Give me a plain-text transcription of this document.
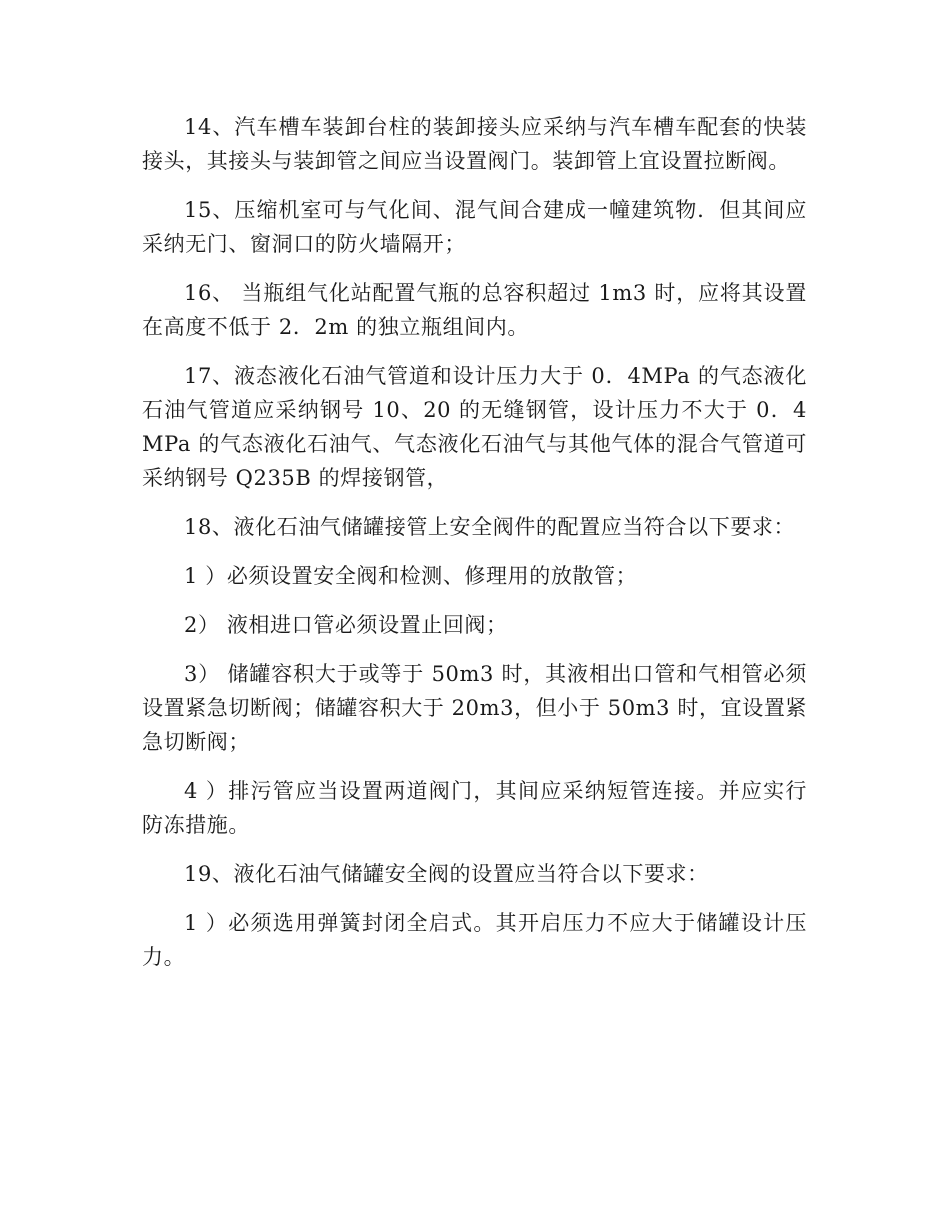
14、汽车槽车装卸台柱的装卸接头应采纳与汽车槽车配套的快装接头，其接头与装卸管之间应当设置阀门。装卸管上宜设置拉断阀。

15、压缩机室可与气化间、混气间合建成一幢建筑物．但其间应采纳无门、窗洞口的防火墙隔开；

16、 当瓶组气化站配置气瓶的总容积超过 1m3 时，应将其设置在高度不低于 2．2m 的独立瓶组间内。

17、液态液化石油气管道和设计压力大于 0．4MPa 的气态液化石油气管道应采纳钢号 10、20 的无缝钢管，设计压力不大于 0．4MPa 的气态液化石油气、气态液化石油气与其他气体的混合气管道可采纳钢号 Q235B 的焊接钢管，

18、液化石油气储罐接管上安全阀件的配置应当符合以下要求：

1 ）必须设置安全阀和检测、修理用的放散管；

2） 液相进口管必须设置止回阀；

3） 储罐容积大于或等于 50m3 时，其液相出口管和气相管必须设置紧急切断阀；储罐容积大于 20m3，但小于 50m3 时，宜设置紧急切断阀；

4 ）排污管应当设置两道阀门，其间应采纳短管连接。并应实行防冻措施。

19、液化石油气储罐安全阀的设置应当符合以下要求：

1 ）必须选用弹簧封闭全启式。其开启压力不应大于储罐设计压力。
